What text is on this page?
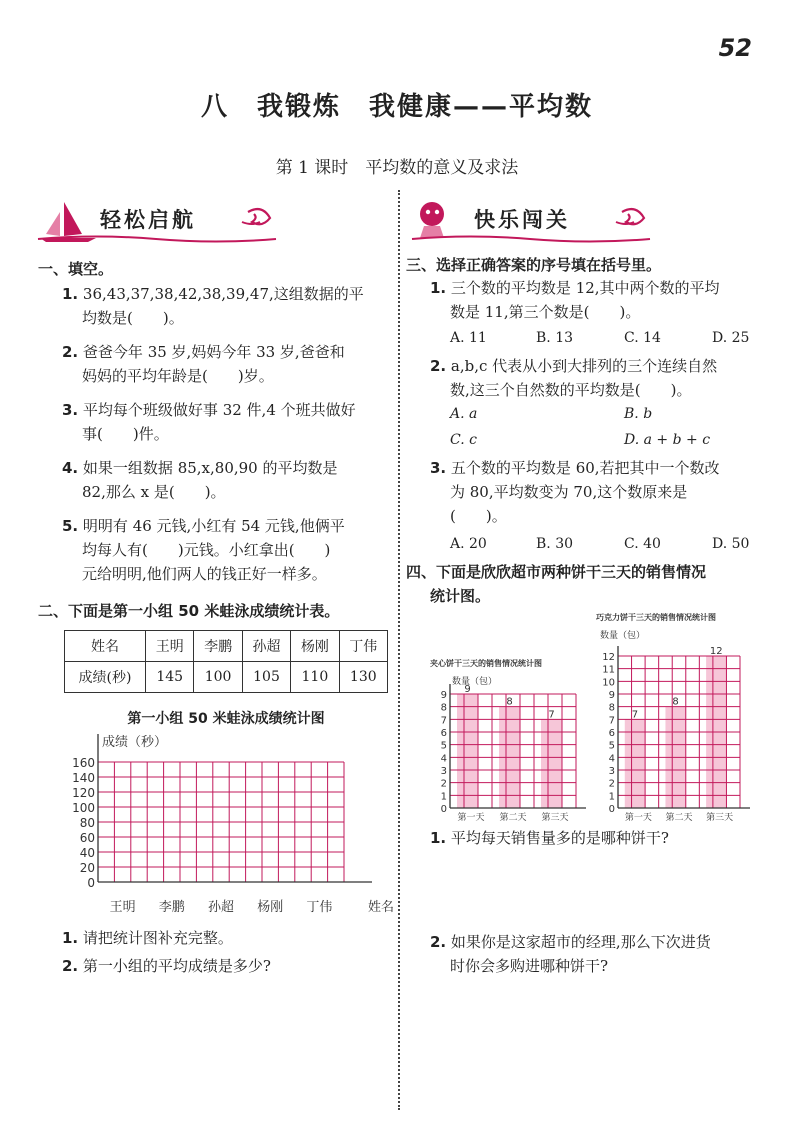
52
八　我锻炼　我健康——平均数
第 1 课时　平均数的意义及求法
轻松启航	快乐闯关
一、填空。
1. 36,43,37,38,42,38,39,47,这组数据的平
均数是(　　)。
2. 爸爸今年 35 岁,妈妈今年 33 岁,爸爸和
妈妈的平均年龄是(　　)岁。
3. 平均每个班级做好事 32 件,4 个班共做好
事(　　)件。
4. 如果一组数据 85,x,80,90 的平均数是
82,那么 x 是(　　)。
5. 明明有 46 元钱,小红有 54 元钱,他俩平
均每人有(　　)元钱。小红拿出(　　)
元给明明,他们两人的钱正好一样多。
二、下面是第一小组 50 米蛙泳成绩统计表。
姓名	王明	李鹏	孙超	杨刚	丁伟
成绩(秒)	145	100	105	110	130
第一小组 50 米蛙泳成绩统计图
成绩（秒）
0
20
40
60
80
100
120
140
160
王明 李鹏 孙超 杨刚 丁伟	姓名
1. 请把统计图补充完整。
2. 第一小组的平均成绩是多少?
三、选择正确答案的序号填在括号里。
1. 三个数的平均数是 12,其中两个数的平均
数是 11,第三个数是(　　)。
A. 11	B. 13	C. 14	D. 25
2. a,b,c 代表从小到大排列的三个连续自然
数,这三个自然数的平均数是(　　)。
A. a	B. b
C. c	D. a + b + c
3. 五个数的平均数是 60,若把其中一个数改
为 80,平均数变为 70,这个数原来是
(　　)。
A. 20	B. 30	C. 40	D. 50
四、下面是欣欣超市两种饼干三天的销售情况
统计图。
夹心饼干三天的销售情况统计图
数量（包）
9
8
7
0
1
2
3
4
5
6
7
8
9
第一天 第二天 第三天
巧克力饼干三天的销售情况统计图
数量（包）
7
8
12
0
1
2
3
4
5
6
7
8
9
10
11
12
第一天 第二天 第三天
1. 平均每天销售量多的是哪种饼干?
2. 如果你是这家超市的经理,那么下次进货
时你会多购进哪种饼干?
